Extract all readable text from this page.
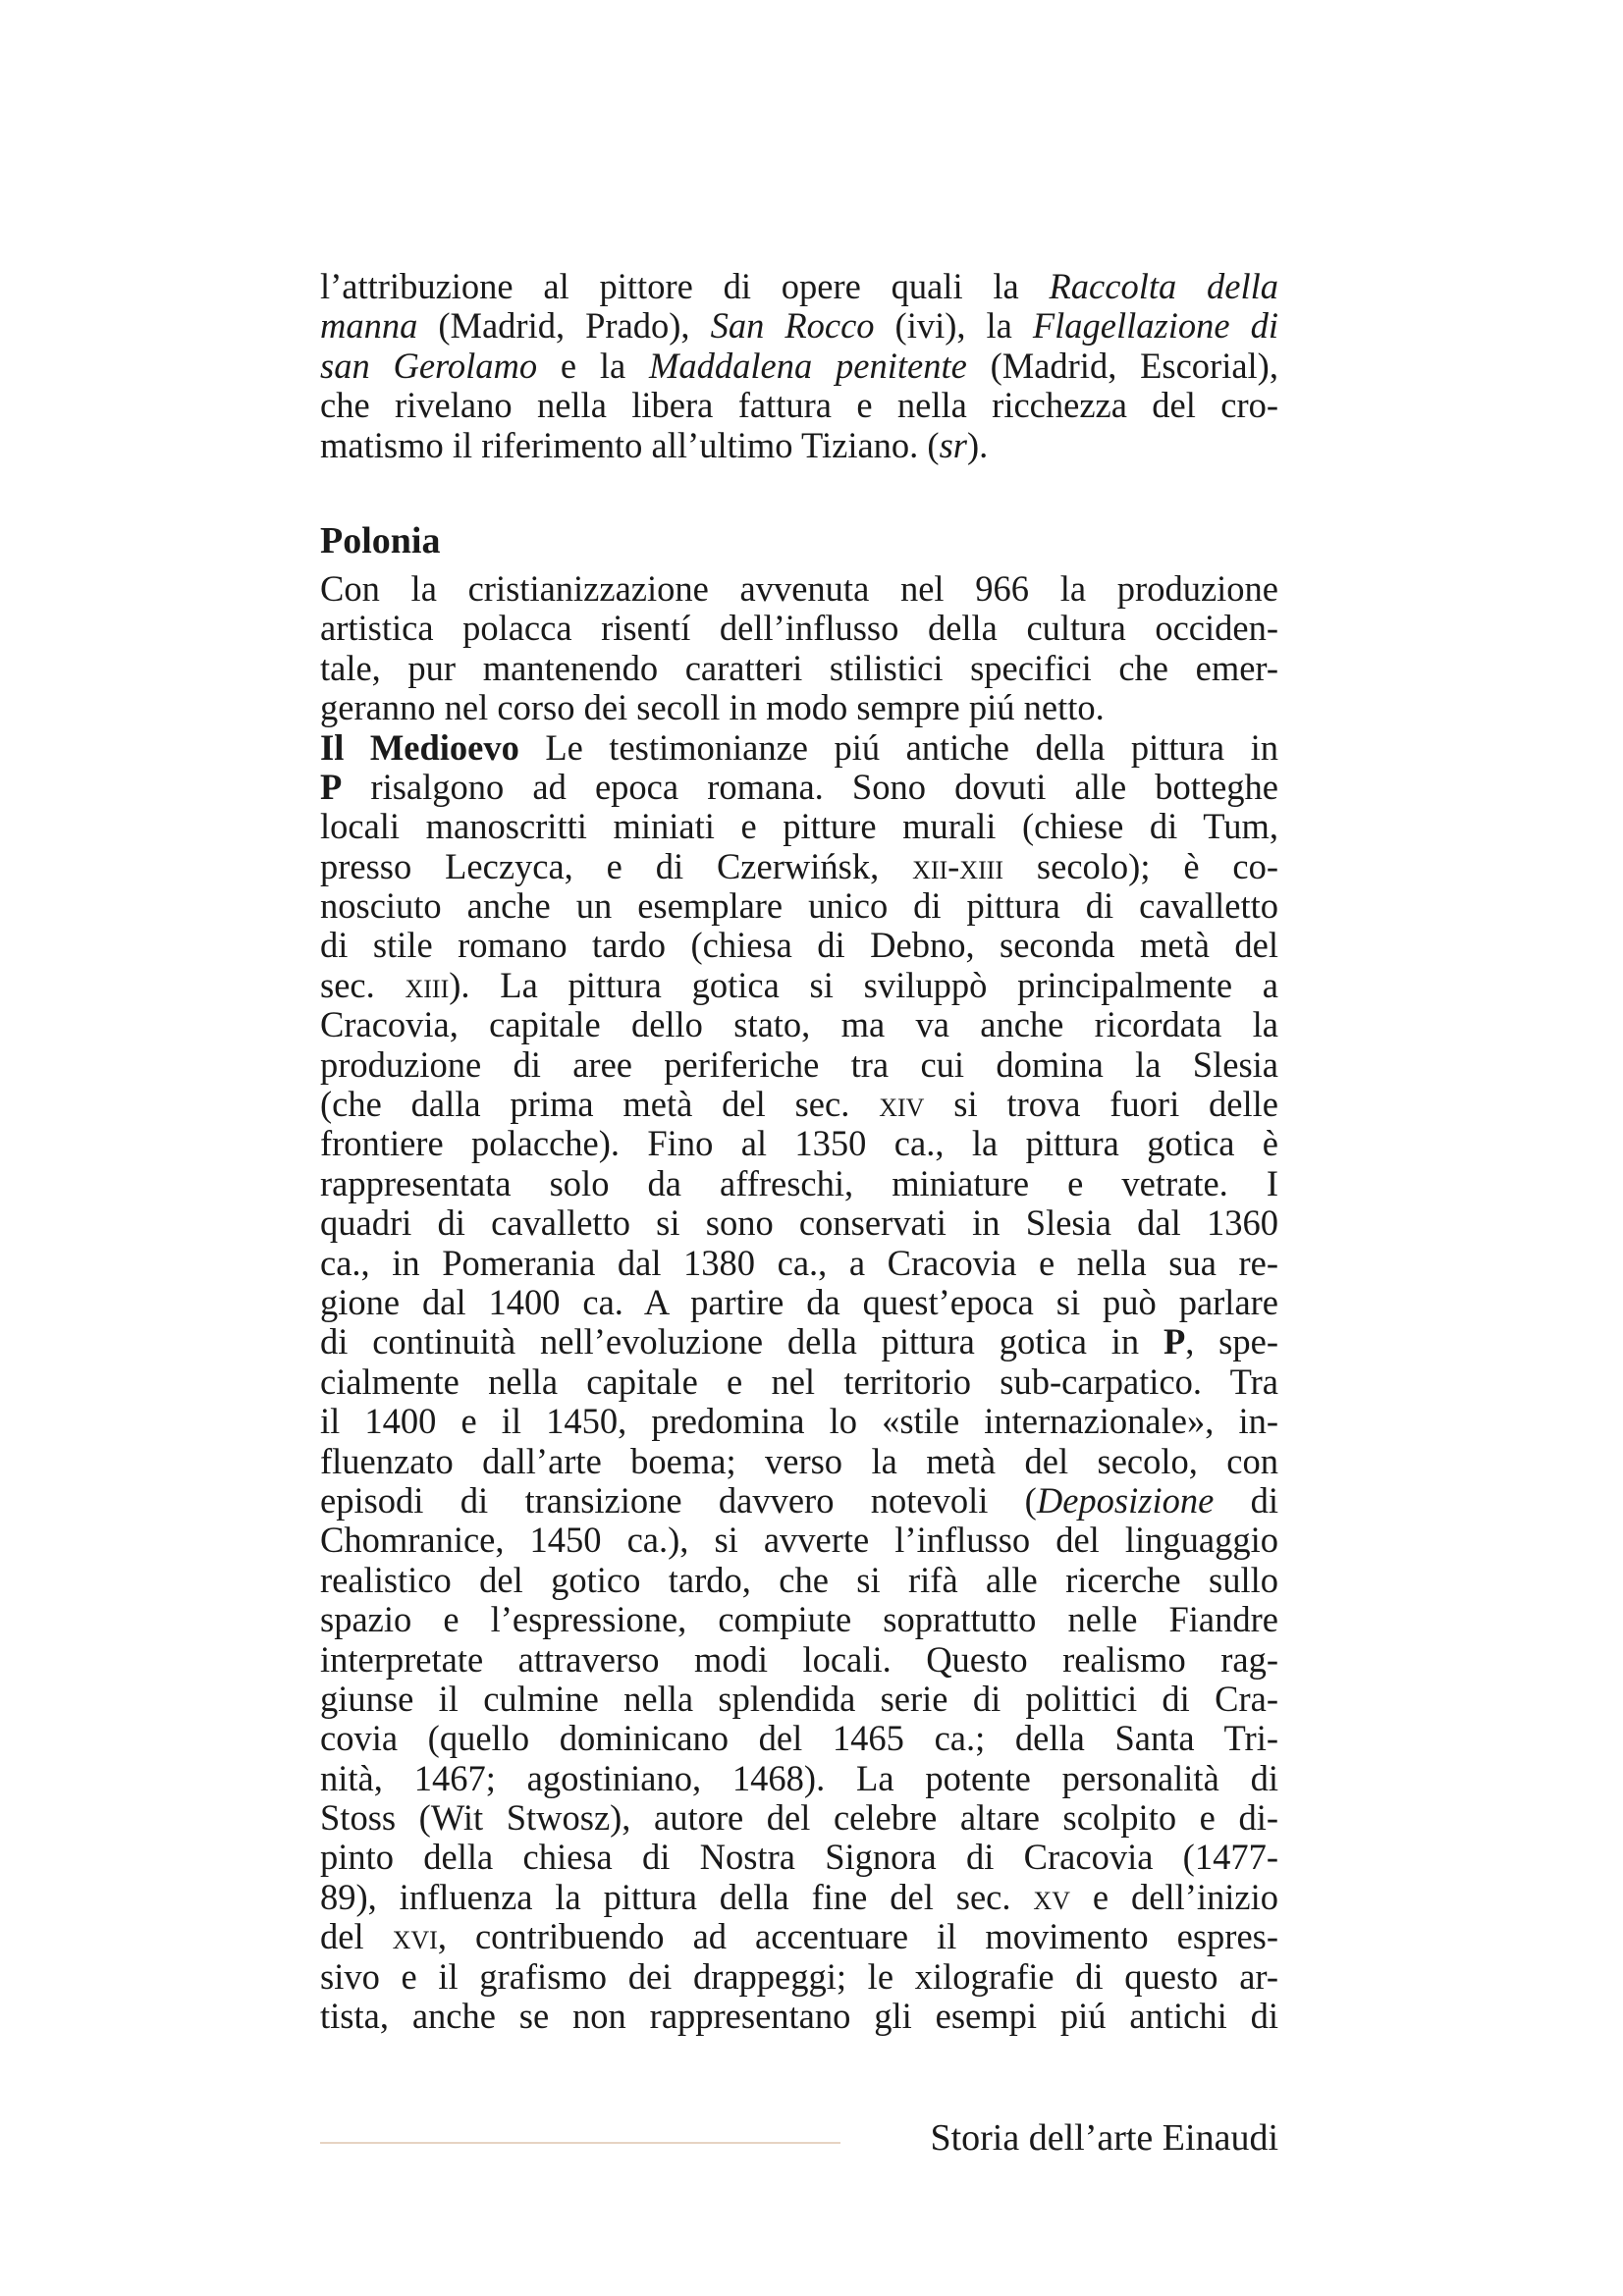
l’attribuzione al pittore di opere quali la Raccolta della
manna (Madrid, Prado), San Rocco (ivi), la Flagellazione di
san Gerolamo e la Maddalena penitente (Madrid, Escorial),
che rivelano nella libera fattura e nella ricchezza del cro-
matismo il riferimento all’ultimo Tiziano. (sr).
Polonia
Con la cristianizzazione avvenuta nel 966 la produzione
artistica polacca risentí dell’influsso della cultura occiden-
tale, pur mantenendo caratteri stilistici specifici che emer-
geranno nel corso dei secoll in modo sempre piú netto.
Il Medioevo Le testimonianze piú antiche della pittura in
P risalgono ad epoca romana. Sono dovuti alle botteghe
locali manoscritti miniati e pitture murali (chiese di Tum,
presso Leczyca, e di Czerwińsk, xii-xiii secolo); è co-
nosciuto anche un esemplare unico di pittura di cavalletto
di stile romano tardo (chiesa di Debno, seconda metà del
sec. xiii). La pittura gotica si sviluppò principalmente a
Cracovia, capitale dello stato, ma va anche ricordata la
produzione di aree periferiche tra cui domina la Slesia
(che dalla prima metà del sec. xiv si trova fuori delle
frontiere polacche). Fino al 1350 ca., la pittura gotica è
rappresentata solo da affreschi, miniature e vetrate. I
quadri di cavalletto si sono conservati in Slesia dal 1360
ca., in Pomerania dal 1380 ca., a Cracovia e nella sua re-
gione dal 1400 ca. A partire da quest’epoca si può parlare
di continuità nell’evoluzione della pittura gotica in P, spe-
cialmente nella capitale e nel territorio sub-carpatico. Tra
il 1400 e il 1450, predomina lo «stile internazionale», in-
fluenzato dall’arte boema; verso la metà del secolo, con
episodi di transizione davvero notevoli (Deposizione di
Chomranice, 1450 ca.), si avverte l’influsso del linguaggio
realistico del gotico tardo, che si rifà alle ricerche sullo
spazio e l’espressione, compiute soprattutto nelle Fiandre
interpretate attraverso modi locali. Questo realismo rag-
giunse il culmine nella splendida serie di polittici di Cra-
covia (quello dominicano del 1465 ca.; della Santa Tri-
nità, 1467; agostiniano, 1468). La potente personalità di
Stoss (Wit Stwosz), autore del celebre altare scolpito e di-
pinto della chiesa di Nostra Signora di Cracovia (1477-
89), influenza la pittura della fine del sec. xv e dell’inizio
del xvi, contribuendo ad accentuare il movimento espres-
sivo e il grafismo dei drappeggi; le xilografie di questo ar-
tista, anche se non rappresentano gli esempi piú antichi di
Storia dell’arte Einaudi
